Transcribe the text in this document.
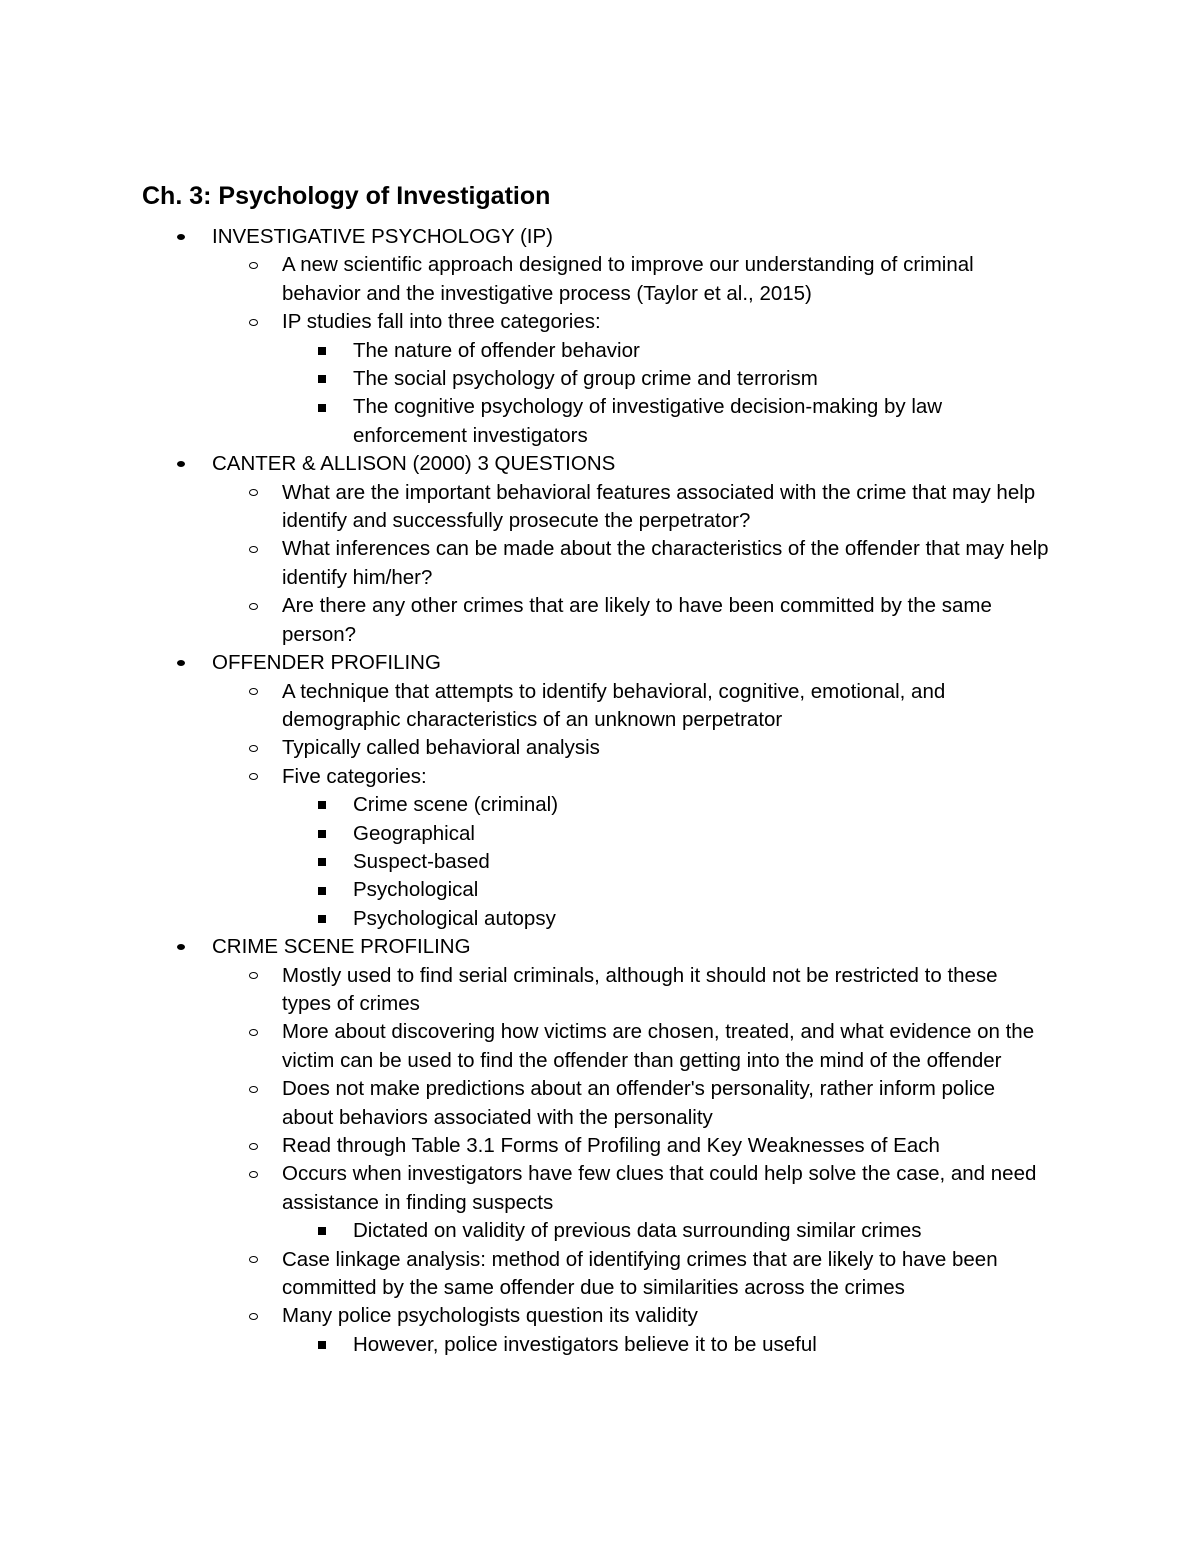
Ch. 3: Psychology of Investigation
INVESTIGATIVE PSYCHOLOGY (IP)
A new scientific approach designed to improve our understanding of criminal behavior and the investigative process (Taylor et al., 2015)
IP studies fall into three categories:
The nature of offender behavior
The social psychology of group crime and terrorism
The cognitive psychology of investigative decision-making by law enforcement investigators
CANTER & ALLISON (2000) 3 QUESTIONS
What are the important behavioral features associated with the crime that may help identify and successfully prosecute the perpetrator?
What inferences can be made about the characteristics of the offender that may help identify him/her?
Are there any other crimes that are likely to have been committed by the same person?
OFFENDER PROFILING
A technique that attempts to identify behavioral, cognitive, emotional, and demographic characteristics of an unknown perpetrator
Typically called behavioral analysis
Five categories:
Crime scene (criminal)
Geographical
Suspect-based
Psychological
Psychological autopsy
CRIME SCENE PROFILING
Mostly used to find serial criminals, although it should not be restricted to these types of crimes
More about discovering how victims are chosen, treated, and what evidence on the victim can be used to find the offender than getting into the mind of the offender
Does not make predictions about an offender's personality, rather inform police about behaviors associated with the personality
Read through Table 3.1 Forms of Profiling and Key Weaknesses of Each
Occurs when investigators have few clues that could help solve the case, and need assistance in finding suspects
Dictated on validity of previous data surrounding similar crimes
Case linkage analysis: method of identifying crimes that are likely to have been committed by the same offender due to similarities across the crimes
Many police psychologists question its validity
However, police investigators believe it to be useful
